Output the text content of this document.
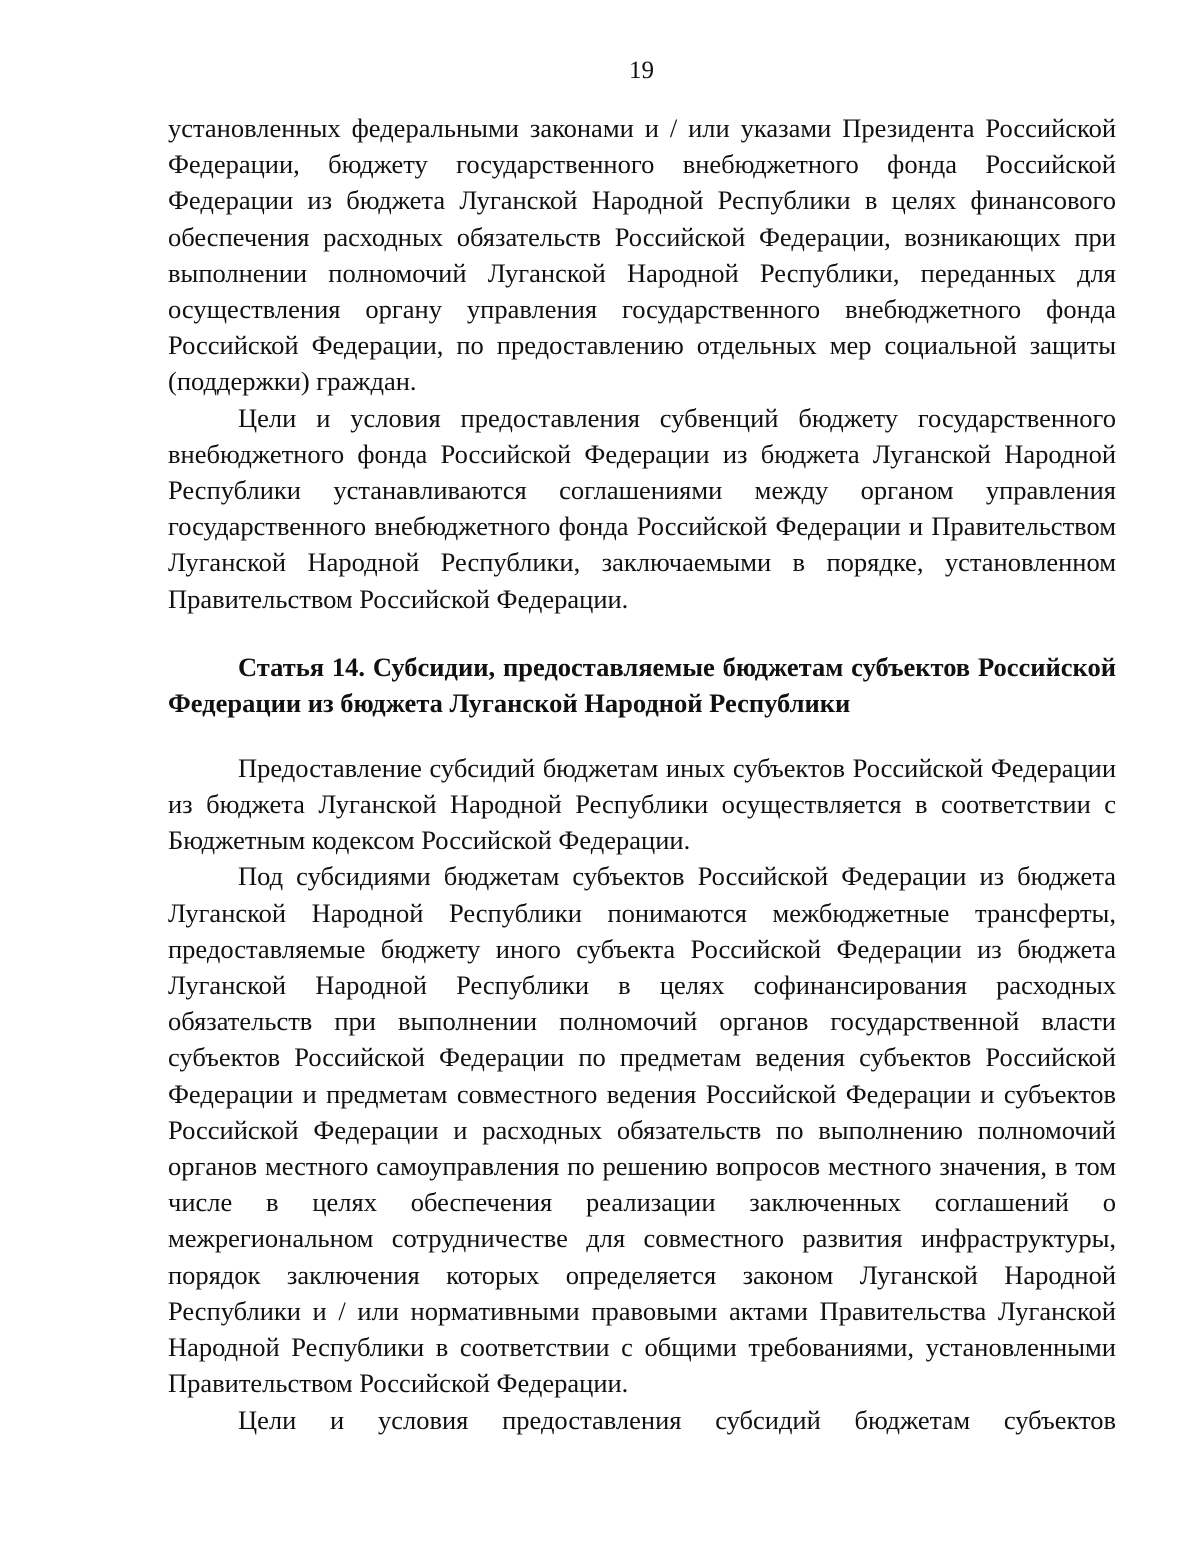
19

установленных федеральными законами и / или указами Президента Российской Федерации, бюджету государственного внебюджетного фонда Российской Федерации из бюджета Луганской Народной Республики в целях финансового обеспечения расходных обязательств Российской Федерации, возникающих при выполнении полномочий Луганской Народной Республики, переданных для осуществления органу управления государственного внебюджетного фонда Российской Федерации, по предоставлению отдельных мер социальной защиты (поддержки) граждан.

Цели и условия предоставления субвенций бюджету государственного внебюджетного фонда Российской Федерации из бюджета Луганской Народной Республики устанавливаются соглашениями между органом управления государственного внебюджетного фонда Российской Федерации и Правительством Луганской Народной Республики, заключаемыми в порядке, установленном Правительством Российской Федерации.

Статья 14. Субсидии, предоставляемые бюджетам субъектов Российской Федерации из бюджета Луганской Народной Республики

Предоставление субсидий бюджетам иных субъектов Российской Федерации из бюджета Луганской Народной Республики осуществляется в соответствии с Бюджетным кодексом Российской Федерации.

Под субсидиями бюджетам субъектов Российской Федерации из бюджета Луганской Народной Республики понимаются межбюджетные трансферты, предоставляемые бюджету иного субъекта Российской Федерации из бюджета Луганской Народной Республики в целях софинансирования расходных обязательств при выполнении полномочий органов государственной власти субъектов Российской Федерации по предметам ведения субъектов Российской Федерации и предметам совместного ведения Российской Федерации и субъектов Российской Федерации и расходных обязательств по выполнению полномочий органов местного самоуправления по решению вопросов местного значения, в том числе в целях обеспечения реализации заключенных соглашений о межрегиональном сотрудничестве для совместного развития инфраструктуры, порядок заключения которых определяется законом Луганской Народной Республики и / или нормативными правовыми актами Правительства Луганской Народной Республики в соответствии с общими требованиями, установленными Правительством Российской Федерации.

Цели и условия предоставления субсидий бюджетам субъектов
